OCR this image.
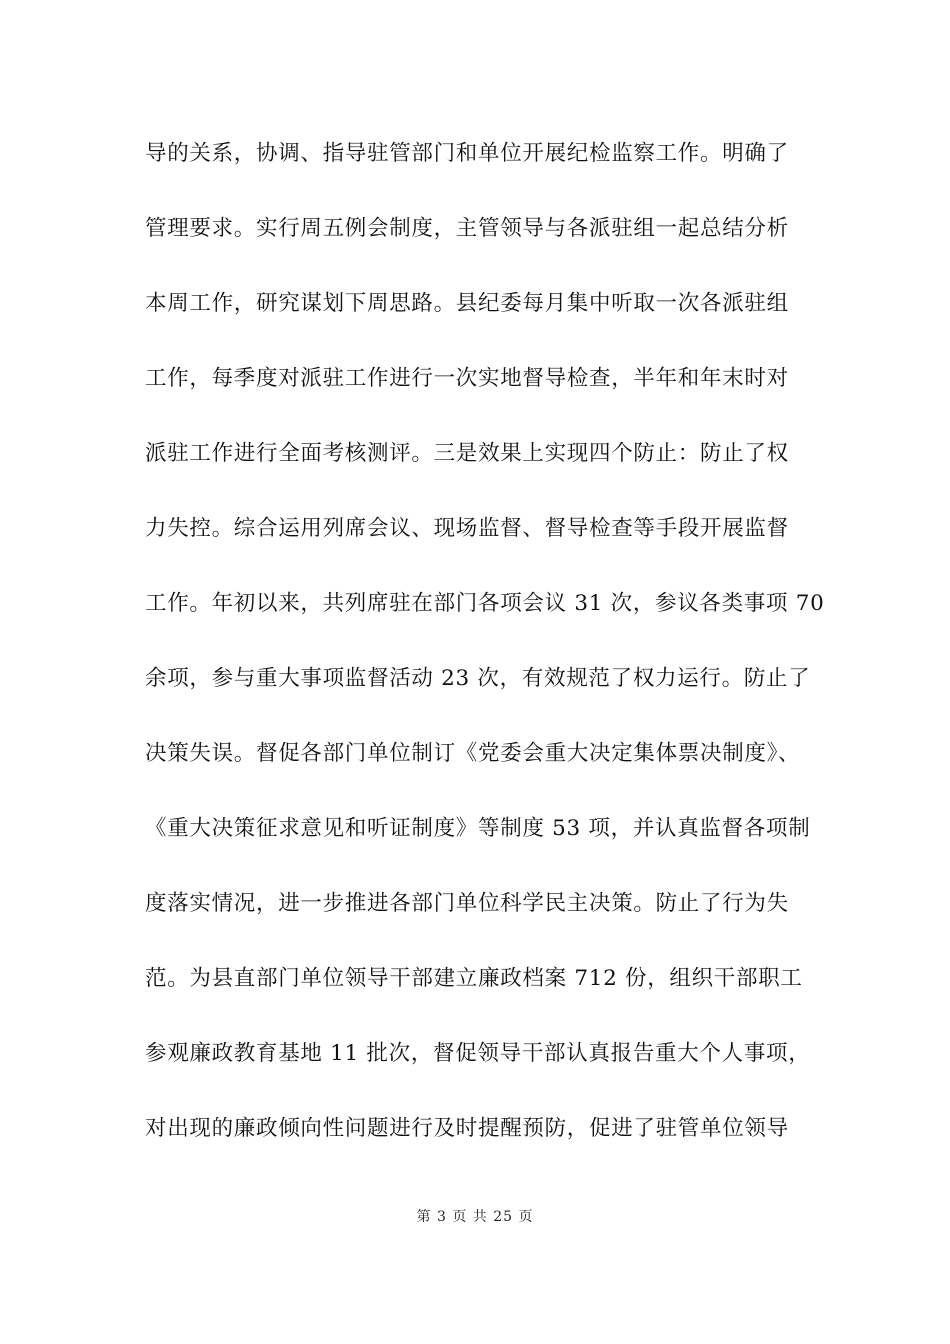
导的关系，协调、指导驻管部门和单位开展纪检监察工作。明确了
管理要求。实行周五例会制度，主管领导与各派驻组一起总结分析
本周工作，研究谋划下周思路。县纪委每月集中听取一次各派驻组
工作，每季度对派驻工作进行一次实地督导检查，半年和年末时对
派驻工作进行全面考核测评。三是效果上实现四个防止：防止了权
力失控。综合运用列席会议、现场监督、督导检查等手段开展监督
工作。年初以来，共列席驻在部门各项会议 31 次，参议各类事项 70
余项，参与重大事项监督活动 23 次，有效规范了权力运行。防止了
决策失误。督促各部门单位制订《党委会重大决定集体票决制度》、
《重大决策征求意见和听证制度》等制度 53 项，并认真监督各项制
度落实情况，进一步推进各部门单位科学民主决策。防止了行为失
范。为县直部门单位领导干部建立廉政档案 712 份，组织干部职工
参观廉政教育基地 11 批次，督促领导干部认真报告重大个人事项，
对出现的廉政倾向性问题进行及时提醒预防，促进了驻管单位领导
第 3 页 共 25 页
